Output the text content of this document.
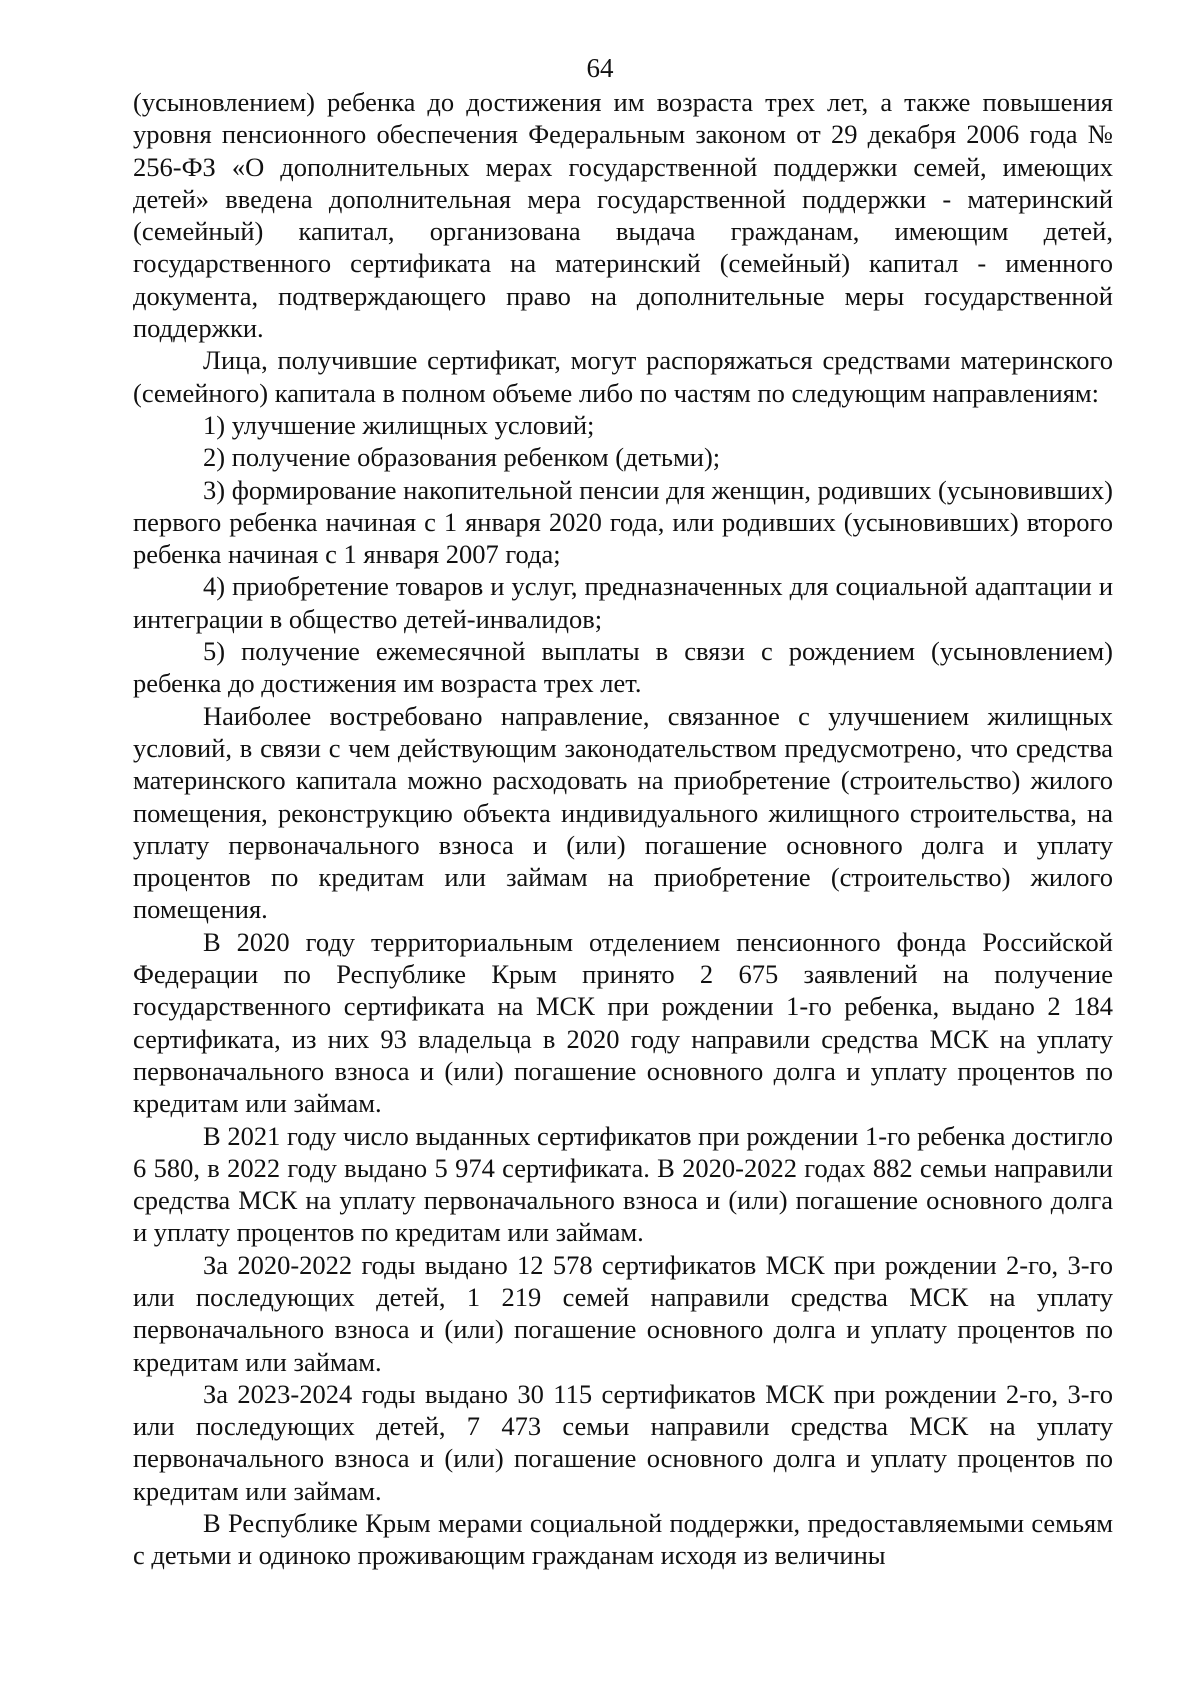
64

(усыновлением) ребенка до достижения им возраста трех лет, а также повышения уровня пенсионного обеспечения Федеральным законом от 29 декабря 2006 года № 256-ФЗ «О дополнительных мерах государственной поддержки семей, имеющих детей» введена дополнительная мера государственной поддержки - материнский (семейный) капитал, организована выдача гражданам, имеющим детей, государственного сертификата на материнский (семейный) капитал - именного документа, подтверждающего право на дополнительные меры государственной поддержки.

Лица, получившие сертификат, могут распоряжаться средствами материнского (семейного) капитала в полном объеме либо по частям по следующим направлениям:

1) улучшение жилищных условий;

2) получение образования ребенком (детьми);

3) формирование накопительной пенсии для женщин, родивших (усыновивших) первого ребенка начиная с 1 января 2020 года, или родивших (усыновивших) второго ребенка начиная с 1 января 2007 года;

4) приобретение товаров и услуг, предназначенных для социальной адаптации и интеграции в общество детей-инвалидов;

5) получение ежемесячной выплаты в связи с рождением (усыновлением) ребенка до достижения им возраста трех лет.

Наиболее востребовано направление, связанное с улучшением жилищных условий, в связи с чем действующим законодательством предусмотрено, что средства материнского капитала можно расходовать на приобретение (строительство) жилого помещения, реконструкцию объекта индивидуального жилищного строительства, на уплату первоначального взноса и (или) погашение основного долга и уплату процентов по кредитам или займам на приобретение (строительство) жилого помещения.

В 2020 году территориальным отделением пенсионного фонда Российской Федерации по Республике Крым принято 2 675 заявлений на получение государственного сертификата на МСК при рождении 1-го ребенка, выдано 2 184 сертификата, из них 93 владельца в 2020 году направили средства МСК на уплату первоначального взноса и (или) погашение основного долга и уплату процентов по кредитам или займам.

В 2021 году число выданных сертификатов при рождении 1-го ребенка достигло 6 580, в 2022 году выдано 5 974 сертификата. В 2020-2022 годах 882 семьи направили средства МСК на уплату первоначального взноса и (или) погашение основного долга и уплату процентов по кредитам или займам.

За 2020-2022 годы выдано 12 578 сертификатов МСК при рождении 2-го, 3-го или последующих детей, 1 219 семей направили средства МСК на уплату первоначального взноса и (или) погашение основного долга и уплату процентов по кредитам или займам.

За 2023-2024 годы выдано 30 115 сертификатов МСК при рождении 2-го, 3-го или последующих детей, 7 473 семьи направили средства МСК на уплату первоначального взноса и (или) погашение основного долга и уплату процентов по кредитам или займам.

В Республике Крым мерами социальной поддержки, предоставляемыми семьям с детьми и одиноко проживающим гражданам исходя из величины
